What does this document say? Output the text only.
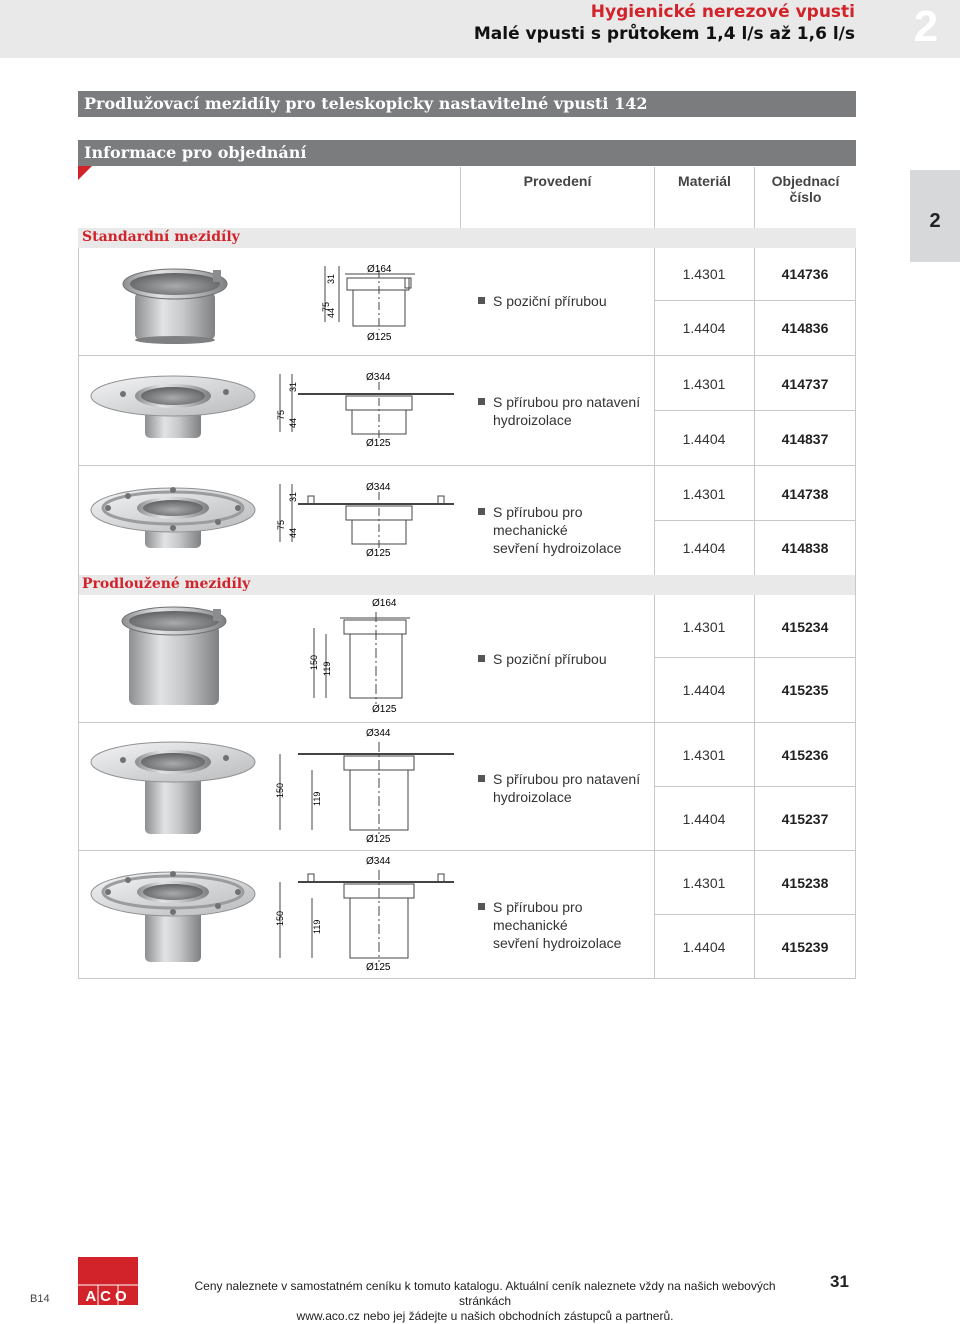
Hygienické nerezové vpusti
Malé vpusti s průtokem 1,4 l/s až 1,6 l/s 2
2
Prodlužovací mezidíly pro teleskopicky nastavitelné vpusti 142
Informace pro objednání
Provedení	Materiál	Objednací
číslo
Standardní mezidíly
Prodloužené mezidíly
75
31
44
Ø164
Ø125
S poziční přírubou
1.4301	414736
1.4404	414836
75
31
44
Ø344
Ø125
S přírubou pro natavení
hydroizolace
1.4301	414737
1.4404	414837
75
31
44
Ø344
Ø125
S přírubou pro mechanické
sevření hydroizolace
1.4301	414738
1.4404	414838
150 119
Ø164
Ø125
S poziční přírubou
1.4301	415234
1.4404	415235
150
119
Ø344
Ø125
S přírubou pro natavení
hydroizolace
1.4301	415236
1.4404	415237
150
119
Ø344
Ø125
S přírubou pro mechanické
sevření hydroizolace
1.4301	415238
1.4404	415239
B14 ACO
Ceny naleznete v samostatném ceníku k tomuto katalogu. Aktuální ceník naleznete vždy na našich webových stránkách
www.aco.cz nebo jej žádejte u našich obchodních zástupců a partnerů.
31
